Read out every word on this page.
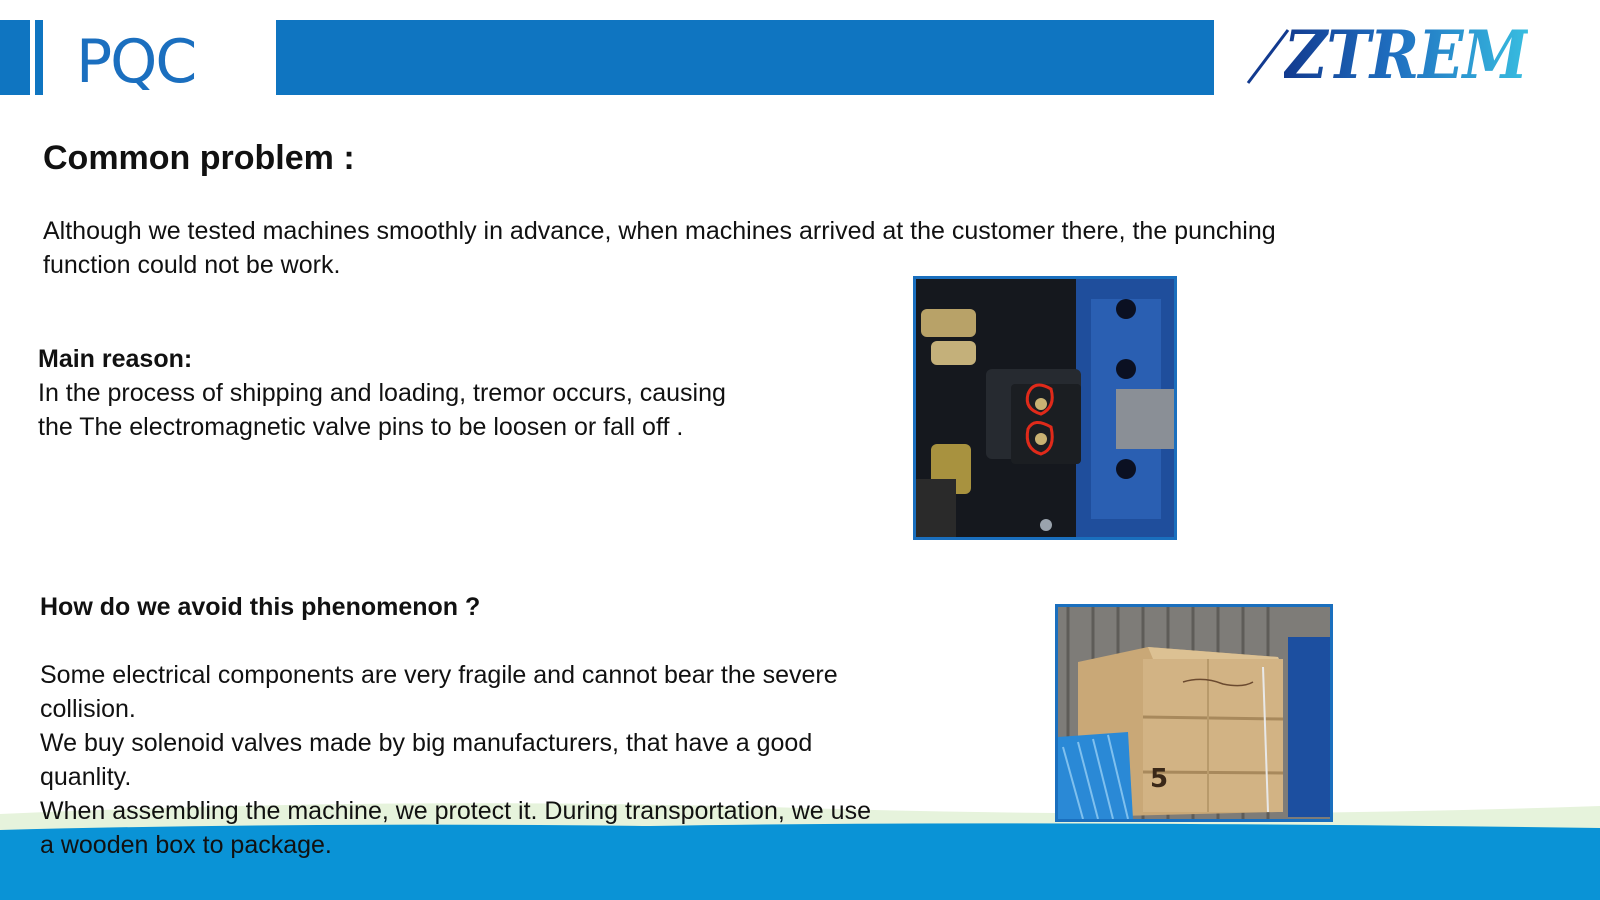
PQC	ZTREM
Common problem :

Although we tested machines smoothly in advance, when machines arrived at the customer there, the punching function could not be work.

Main reason:
In the process of shipping and loading, tremor occurs, causing
the The electromagnetic valve pins to be loosen or fall off .
How do we avoid this phenomenon ?
Some electrical components are very fragile and cannot bear the severe
collision.
We buy solenoid valves made by big manufacturers, that have a good
quanlity.
When assembling the machine, we protect it. During transportation, we use
a wooden box to package.
5
